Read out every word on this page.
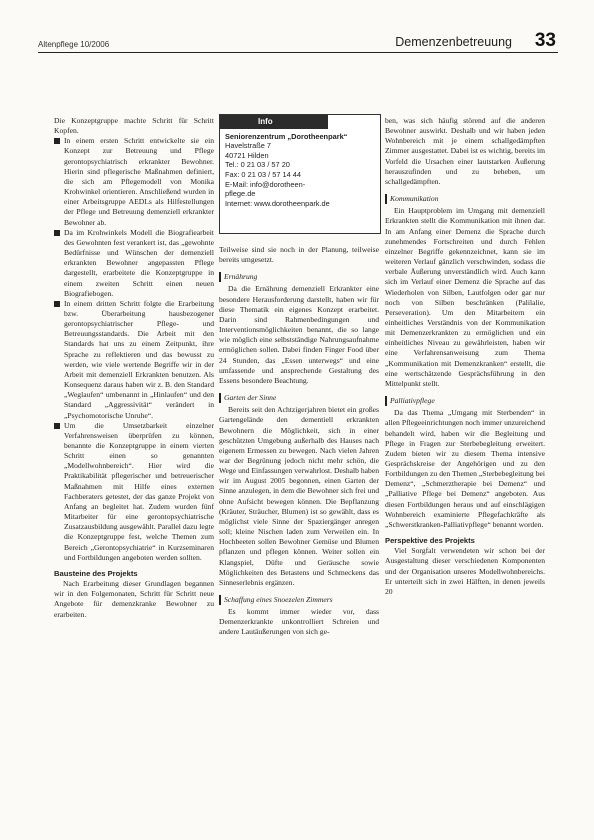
Altenpflege 10/2006	Demenzenbetreuung 33

Die Konzeptgruppe machte Schritt für Schritt Kopfen.

In einem ersten Schritt entwickelte sie ein Konzept zur Betreuung und Pflege gerontopsychiatrisch erkrankter Bewohner. Hierin sind pflegerische Maßnahmen definiert, die sich am Pflegemodell von Monika Krohwinkel orientieren. Anschließend wurden in einer Arbeitsgruppe AEDLs als Hilfestellungen der Pflege und Betreuung demenziell erkrankter Bewohner ab.
Da im Krohwinkels Modell die Biografiearbeit des Gewohnten fest verankert ist, das „gewohnte Bedürfnisse und Wünschen der demenziell erkrankten Bewohner angepassten Pflege dargestellt, erarbeitete die Konzeptgruppe in einem zweiten Schritt einen neuen Biografiebogen.
In einem dritten Schritt folgte die Erarbeitung bzw. Überarbeitung hausbezogener gerontopsychiatrischer Pflege- und Betreuungsstandards. Die Arbeit mit den Standards hat uns zu einem Zeitpunkt, ihre Sprache zu reflektieren und das bewusst zu werden, wie viele wertende Begriffe wir in der Arbeit mit demenziell Erkrankten benutzen. Als Konsequenz daraus haben wir z. B. den Standard „Weglaufen“ umbenannt in „Hinlaufen“ und den Standard „Aggressivität“ verändert in „Psychomotorische Unruhe“.
Um die Umsetzbarkeit einzelner Verfahrensweisen überprüfen zu können, benannte die Konzeptgruppe in einem vierten Schritt einen so genannten „Modellwohnbereich“. Hier wird die Praktikabilität pflegerischer und betreuerischer Maßnahmen mit Hilfe eines externen Fachberaters getestet, der das ganze Projekt von Anfang an begleitet hat. Zudem wurden fünf Mitarbeiter für eine gerontopsychiatrische Zusatzausbildung ausgewählt. Parallel dazu legte die Konzeptgruppe fest, welche Themen zum Bereich „Gerontopsychiatrie“ in Kurzseminaren und Fortbildungen angeboten werden sollten.
Bausteine des Projekts

Nach Erarbeitung dieser Grundlagen begannen wir in den Folgemonaten, Schritt für Schritt neue Angebote für demenzkranke Bewohner zu erarbeiten.

Info
Seniorenzentrum „Dorotheenpark“
Havelstraße 7
40721 Hilden
Tel.: 0 21 03 / 57 20
Fax: 0 21 03 / 57 14 44
E-Mail: info@dorotheen-
pflege.de
Internet: www.dorotheenpark.de

Teilweise sind sie noch in der Planung, teilweise bereits umgesetzt.

Ernährung

Da die Ernährung demenziell Erkrankter eine besondere Herausforderung darstellt, haben wir für diese Thematik ein eigenes Konzept erarbeitet. Darin sind Rahmenbedingungen und Interventionsmöglichkeiten benannt, die so lange wie möglich eine selbstständige Nahrungsaufnahme ermöglichen sollen. Dabei finden Finger Food über 24 Stunden, das „Essen unterwegs“ und eine umfassende und ansprechende Gestaltung des Essens besondere Beachtung.

Garten der Sinne

Bereits seit den Achtzigerjahren bietet ein großes Gartengelände den dementiell erkrankten Bewohnern die Möglichkeit, sich in einer geschützten Umgebung außerhalb des Hauses nach eigenem Ermessen zu bewegen. Nach vielen Jahren war der Begrünung jedoch nicht mehr schön, die Wege und Einfassungen verwahrlost. Deshalb haben wir im August 2005 begonnen, einen Garten der Sinne anzulegen, in dem die Bewohner sich frei und ohne Aufsicht bewegen können. Die Bepflanzung (Kräuter, Sträucher, Blumen) ist so gewählt, dass es möglichst viele Sinne der Spaziergänger anregen soll; kleine Nischen laden zum Verweilen ein. In Hochbeeten sollen Bewohner Gemüse und Blumen pflanzen und pflegen können. Weiter sollen ein Klangspiel, Düfte und Geräusche sowie Möglichkeiten des Betastens und Schmeckens das Sinneserlebnis ergänzen.

Schaffung eines Snoezelen Zimmers

Es kommt immer wieder vor, dass Demenzerkrankte unkontrolliert Schreien und andere Lautäußerungen von sich ge-

ben, was sich häufig störend auf die anderen Bewohner auswirkt. Deshalb und wir haben jeden Wohnbereich mit je einem schallgedämpften Zimmer ausgestattet. Dabei ist es wichtig, bereits im Vorfeld die Ursachen einer lautstarken Äußerung herauszufinden und zu beheben, um schallgedämpften.

Kommunikation

Ein Hauptproblem im Umgang mit demenziell Erkrankten stellt die Kommunikation mit ihnen dar. In am Anfang einer Demenz die Sprache durch zunehmendes Fortschreiten und durch Fehlen einzelner Begriffe gekennzeichnet, kann sie im weiteren Verlauf gänzlich verschwinden, sodass die verbale Äußerung unverständlich wird. Auch kann sich im Verlauf einer Demenz die Sprache auf das Wiederholen von Silben, Lautfolgen oder gar nur noch von Silben beschränken (Palilalie, Perseveration). Um den Mitarbeitern ein einheitliches Verständnis von der Kommunikation mit Demenzerkrankten zu ermöglichen und ein einheitliches Niveau zu gewährleisten, haben wir eine Verfahrensanweisung zum Thema „Kommunikation mit Demenzkranken“ erstellt, die eine wertschätzende Gesprächsführung in den Mittelpunkt stellt.

Palliativpflege

Da das Thema „Umgang mit Sterbenden“ in allen Pflegeeinrichtungen noch immer unzureichend behandelt wird, haben wir die Begleitung und Pflege in Fragen zur Sterbebegleitung erweitert. Zudem bieten wir zu diesem Thema intensive Gesprächskreise der Angehörigen und zu den Fortbildungen zu den Themen „Sterbebegleitung bei Demenz“, „Schmerztherapie bei Demenz“ und „Palliative Pflege bei Demenz“ angeboten. Aus diesen Fortbildungen heraus und auf einschlägigen Wohnbereich examinierte Pflegefachkräfte als „Schwerstkranken-Palliativpflege“ benannt worden.

Perspektive des Projekts

Viel Sorgfalt verwendeten wir schon bei der Ausgestaltung dieser verschiedenen Komponenten und der Organisation unseres Modellwohnbereichs. Er unterteilt sich in zwei Hälften, in denen jeweils 20
